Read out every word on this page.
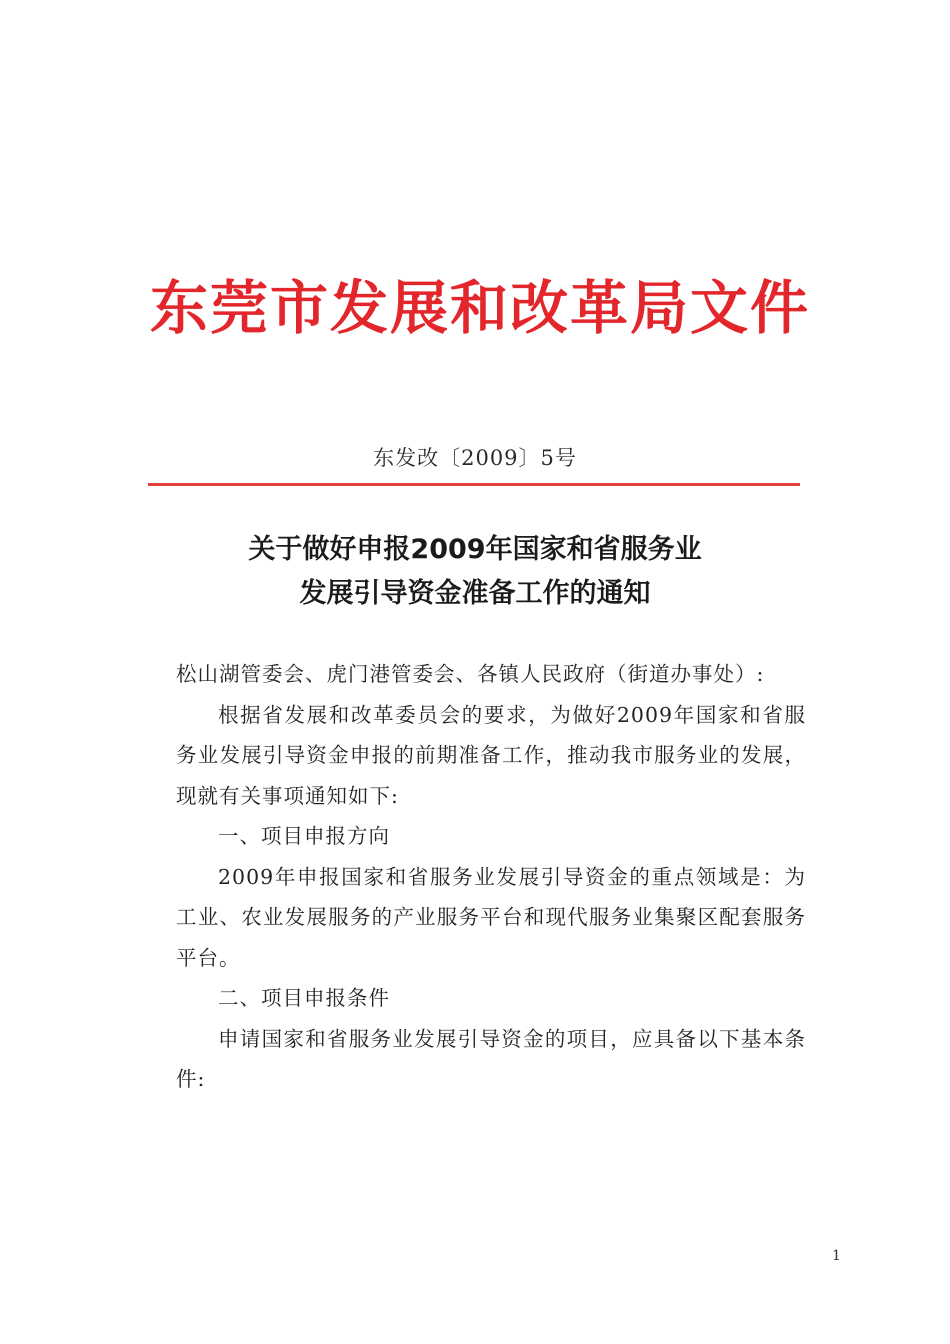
东莞市发展和改革局文件
东发改〔2009〕5号
关于做好申报2009年国家和省服务业
发展引导资金准备工作的通知

松山湖管委会、虎门港管委会、各镇人民政府（街道办事处）:

根据省发展和改革委员会的要求，为做好2009年国家和省服务业发展引导资金申报的前期准备工作，推动我市服务业的发展，现就有关事项通知如下:

一、项目申报方向

2009年申报国家和省服务业发展引导资金的重点领域是：为工业、农业发展服务的产业服务平台和现代服务业集聚区配套服务平台。

二、项目申报条件

申请国家和省服务业发展引导资金的项目，应具备以下基本条件:

1
